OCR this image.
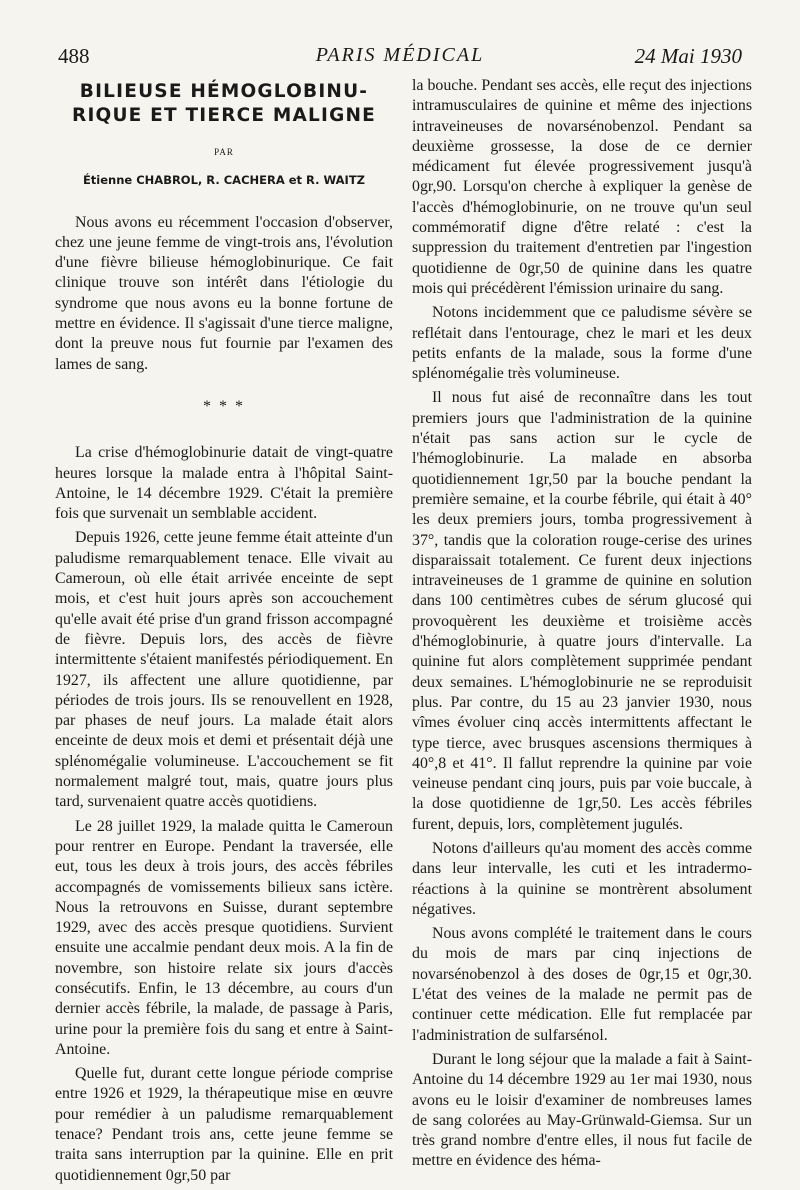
488	PARIS MÉDICAL	24 Mai 1930
BILIEUSE HÉMOGLOBINU-
RIQUE ET TIERCE MALIGNE
PAR
Étienne CHABROL, R. CACHERA et R. WAITZ

Nous avons eu récemment l'occasion d'observer, chez une jeune femme de vingt-trois ans, l'évolution d'une fièvre bilieuse hémoglobinurique. Ce fait clinique trouve son intérêt dans l'étiologie du syndrome que nous avons eu la bonne fortune de mettre en évidence. Il s'agissait d'une tierce maligne, dont la preuve nous fut fournie par l'examen des lames de sang.

* * *

La crise d'hémoglobinurie datait de vingt-quatre heures lorsque la malade entra à l'hôpital Saint-Antoine, le 14 décembre 1929. C'était la première fois que survenait un semblable accident.

Depuis 1926, cette jeune femme était atteinte d'un paludisme remarquablement tenace. Elle vivait au Cameroun, où elle était arrivée enceinte de sept mois, et c'est huit jours après son accouchement qu'elle avait été prise d'un grand frisson accompagné de fièvre. Depuis lors, des accès de fièvre intermittente s'étaient manifestés périodiquement. En 1927, ils affectent une allure quotidienne, par périodes de trois jours. Ils se renouvellent en 1928, par phases de neuf jours. La malade était alors enceinte de deux mois et demi et présentait déjà une splénomégalie volumineuse. L'accouchement se fit normalement malgré tout, mais, quatre jours plus tard, survenaient quatre accès quotidiens.

Le 28 juillet 1929, la malade quitta le Cameroun pour rentrer en Europe. Pendant la traversée, elle eut, tous les deux à trois jours, des accès fébriles accompagnés de vomissements bilieux sans ictère. Nous la retrouvons en Suisse, durant septembre 1929, avec des accès presque quotidiens. Survient ensuite une accalmie pendant deux mois. A la fin de novembre, son histoire relate six jours d'accès consécutifs. Enfin, le 13 décembre, au cours d'un dernier accès fébrile, la malade, de passage à Paris, urine pour la première fois du sang et entre à Saint-Antoine.

Quelle fut, durant cette longue période comprise entre 1926 et 1929, la thérapeutique mise en œuvre pour remédier à un paludisme remarquablement tenace? Pendant trois ans, cette jeune femme se traita sans interruption par la quinine. Elle en prit quotidiennement 0gr,50 par

la bouche. Pendant ses accès, elle reçut des injections intramusculaires de quinine et même des injections intraveineuses de novarsénobenzol. Pendant sa deuxième grossesse, la dose de ce dernier médicament fut élevée progressivement jusqu'à 0gr,90. Lorsqu'on cherche à expliquer la genèse de l'accès d'hémoglobinurie, on ne trouve qu'un seul commémoratif digne d'être relaté : c'est la suppression du traitement d'entretien par l'ingestion quotidienne de 0gr,50 de quinine dans les quatre mois qui précédèrent l'émission urinaire du sang.

Notons incidemment que ce paludisme sévère se reflétait dans l'entourage, chez le mari et les deux petits enfants de la malade, sous la forme d'une splénomégalie très volumineuse.

Il nous fut aisé de reconnaître dans les tout premiers jours que l'administration de la quinine n'était pas sans action sur le cycle de l'hémoglobinurie. La malade en absorba quotidiennement 1gr,50 par la bouche pendant la première semaine, et la courbe fébrile, qui était à 40° les deux premiers jours, tomba progressivement à 37°, tandis que la coloration rouge-cerise des urines disparaissait totalement. Ce furent deux injections intraveineuses de 1 gramme de quinine en solution dans 100 centimètres cubes de sérum glucosé qui provoquèrent les deuxième et troisième accès d'hémoglobinurie, à quatre jours d'intervalle. La quinine fut alors complètement supprimée pendant deux semaines. L'hémoglobinurie ne se reproduisit plus. Par contre, du 15 au 23 janvier 1930, nous vîmes évoluer cinq accès intermittents affectant le type tierce, avec brusques ascensions thermiques à 40°,8 et 41°. Il fallut reprendre la quinine par voie veineuse pendant cinq jours, puis par voie buccale, à la dose quotidienne de 1gr,50. Les accès fébriles furent, depuis, lors, complètement jugulés.

Notons d'ailleurs qu'au moment des accès comme dans leur intervalle, les cuti et les intradermo-réactions à la quinine se montrèrent absolument négatives.

Nous avons complété le traitement dans le cours du mois de mars par cinq injections de novarsénobenzol à des doses de 0gr,15 et 0gr,30. L'état des veines de la malade ne permit pas de continuer cette médication. Elle fut remplacée par l'administration de sulfarsénol.

Durant le long séjour que la malade a fait à Saint-Antoine du 14 décembre 1929 au 1er mai 1930, nous avons eu le loisir d'examiner de nombreuses lames de sang colorées au May-Grünwald-Giemsa. Sur un très grand nombre d'entre elles, il nous fut facile de mettre en évidence des héma-
